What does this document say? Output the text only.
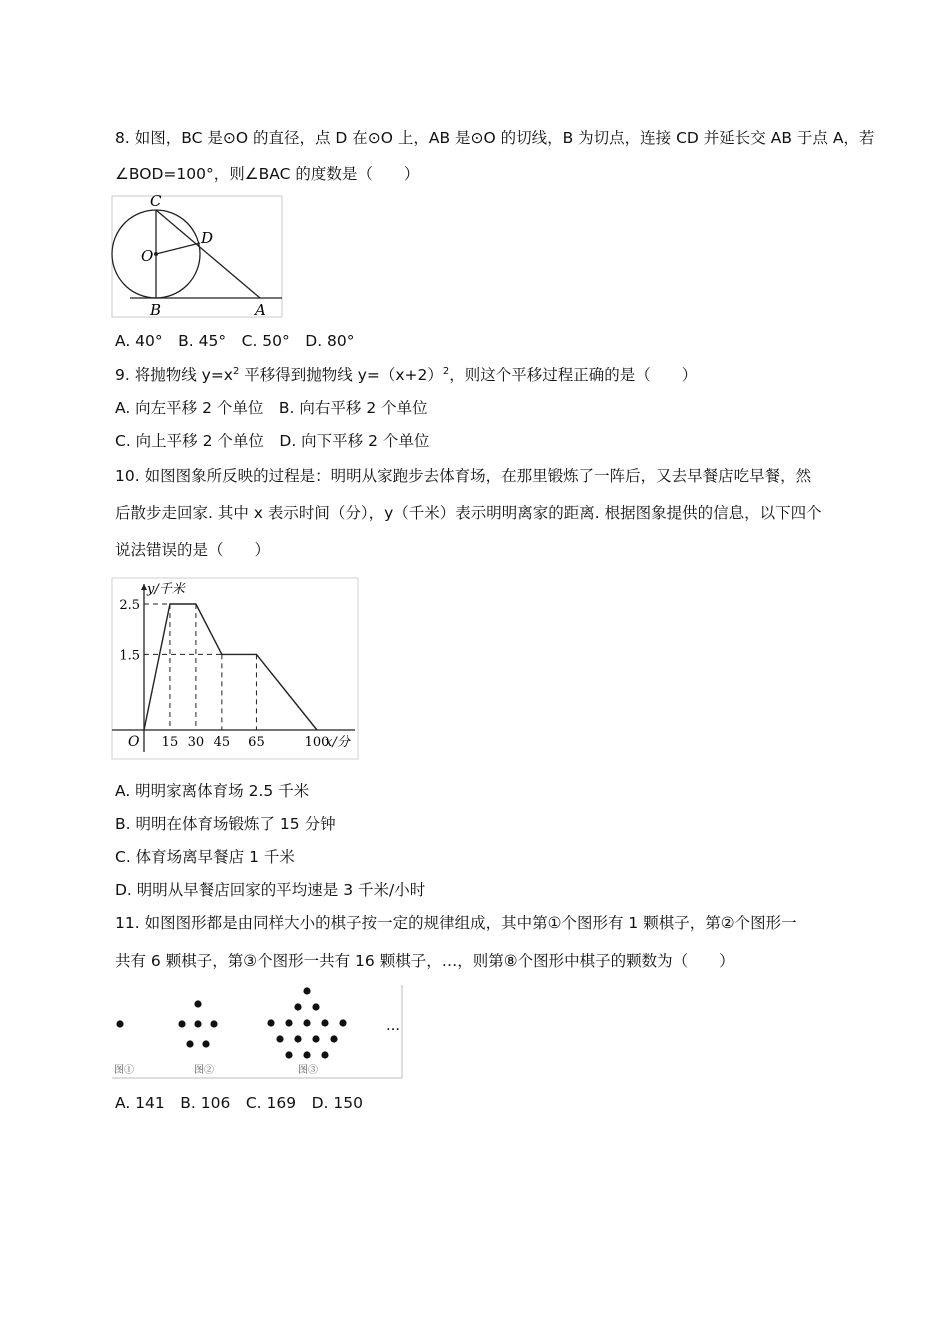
8. 如图，BC 是⊙O 的直径，点 D 在⊙O 上，AB 是⊙O 的切线，B 为切点，连接 CD 并延长交 AB 于点 A，若
∠BOD=100°，则∠BAC 的度数是（　　）
C
D
O
B	A
A. 40°　B. 45°　C. 50°　D. 80°
9. 将抛物线 $y=x^2$ 平移得到抛物线 $y=(x+2)^2$，则这个平移过程正确的是（　　）
A. 向左平移 2 个单位　B. 向右平移 2 个单位
C. 向上平移 2 个单位　D. 向下平移 2 个单位
10. 如图图象所反映的过程是：明明从家跑步去体育场，在那里锻炼了一阵后，又去早餐店吃早餐，然
后散步走回家. 其中 x 表示时间（分），y（千米）表示明明离家的距离. 根据图象提供的信息，以下四个
说法错误的是（　　）
15 30 45 65	100
1.5
2.5
O	x/分
y/千米
A. 明明家离体育场 2.5 千米
B. 明明在体育场锻炼了 15 分钟
C. 体育场离早餐店 1 千米
D. 明明从早餐店回家的平均速是 3 千米/小时
11. 如图图形都是由同样大小的棋子按一定的规律组成，其中第①个图形有 1 颗棋子，第②个图形一
共有 6 颗棋子，第③个图形一共有 16 颗棋子，…，则第⑧个图形中棋子的颗数为（　　）
…
图①	图②	图③
A. 141　B. 106　C. 169　D. 150
